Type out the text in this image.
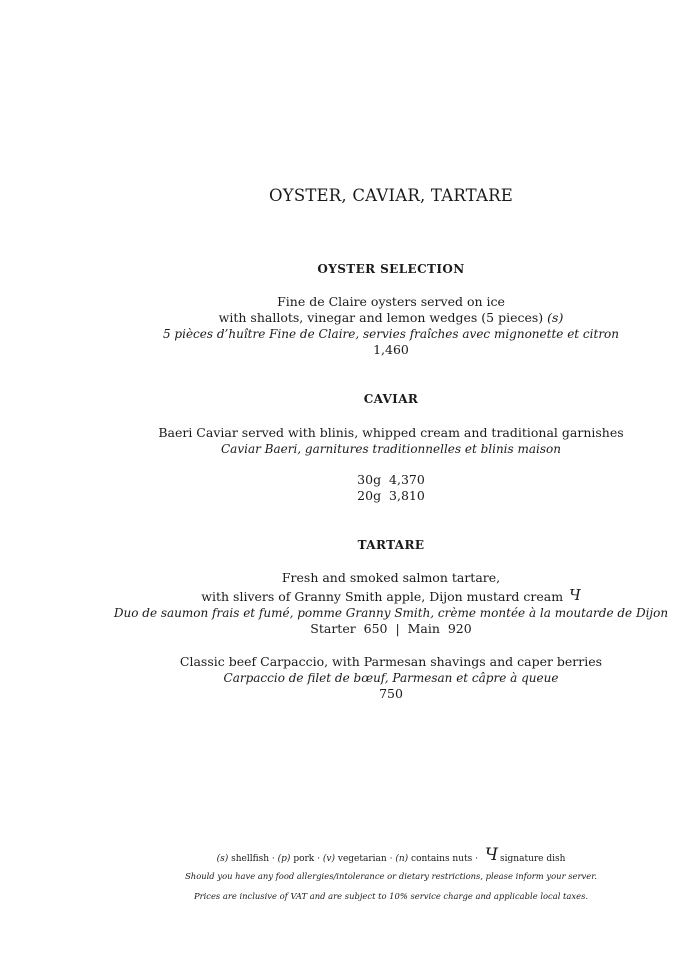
OYSTER, CAVIAR, TARTARE
OYSTER SELECTION
Fine de Claire oysters served on ice
with shallots, vinegar and lemon wedges (5 pieces) (s)
5 pièces d’huître Fine de Claire, servies fraîches avec mignonette et citron
1,460
CAVIAR
Baeri Caviar served with blinis, whipped cream and traditional garnishes
Caviar Baeri, garnitures traditionnelles et blinis maison
30g  4,370
20g  3,810
TARTARE
Fresh and smoked salmon tartare,
with slivers of Granny Smith apple, Dijon mustard cream Ч
Duo de saumon frais et fumé, pomme Granny Smith, crème montée à la moutarde de Dijon
Starter  650  |  Main  920
Classic beef Carpaccio, with Parmesan shavings and caper berries
Carpaccio de filet de bœuf, Parmesan et câpre à queue
750
(s) shellfish · (p) pork · (v) vegetarian · (n) contains nuts · Ч signature dish
Should you have any food allergies/intolerance or dietary restrictions, please inform your server.
Prices are inclusive of VAT and are subject to 10% service charge and applicable local taxes.
